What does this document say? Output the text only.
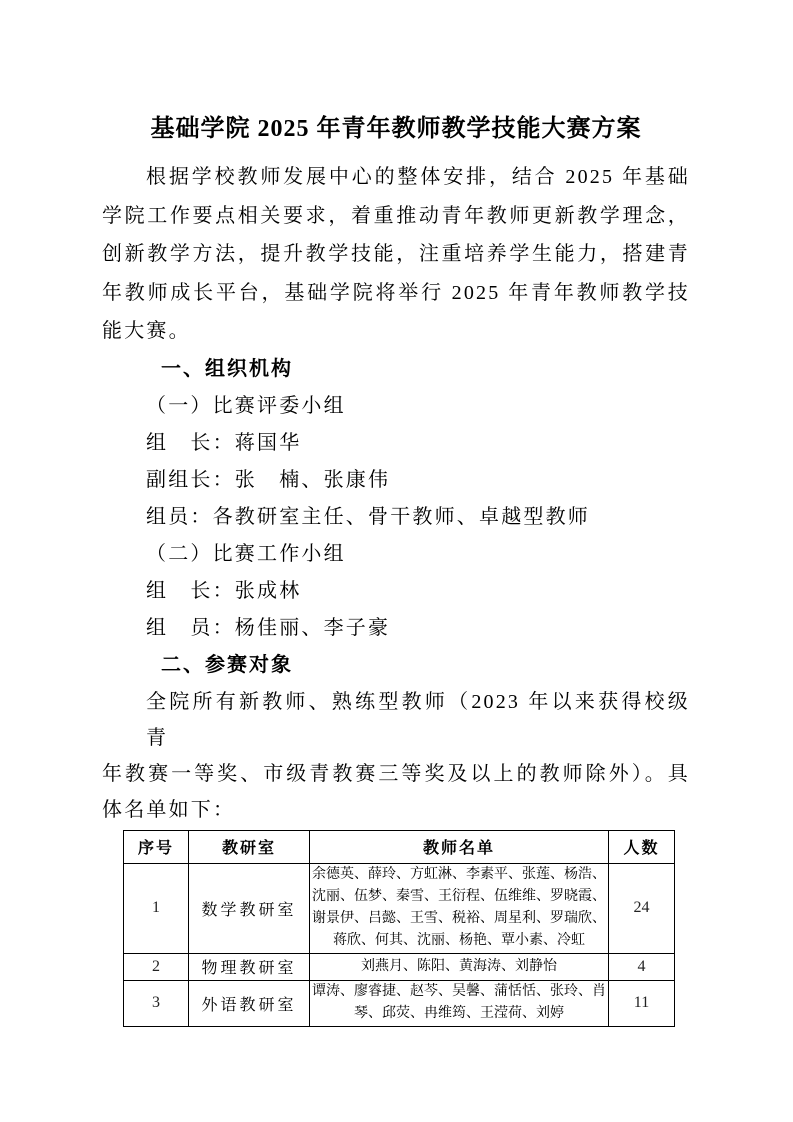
基础学院 2025 年青年教师教学技能大赛方案
根据学校教师发展中心的整体安排，结合 2025 年基础
学院工作要点相关要求，着重推动青年教师更新教学理念，
创新教学方法，提升教学技能，注重培养学生能力，搭建青
年教师成长平台，基础学院将举行 2025 年青年教师教学技
能大赛。
一、组织机构
（一）比赛评委小组
组　长：蒋国华
副组长：张　楠、张康伟
组员：各教研室主任、骨干教师、卓越型教师
（二）比赛工作小组
组　长：张成林
组　员：杨佳丽、李子豪
二、参赛对象
全院所有新教师、熟练型教师（2023 年以来获得校级青
年教赛一等奖、市级青教赛三等奖及以上的教师除外）。具
体名单如下：
序号	教研室	教师名单	人数
1	数学教研室	余德英、薛玲、方虹淋、李素平、张莲、杨浩、沈丽、伍梦、秦雪、王衍程、伍维维、罗晓霞、谢景伊、吕懿、王雪、税裕、周星利、罗瑞欣、蒋欣、何其、沈丽、杨艳、覃小素、冷虹	24
2	物理教研室	刘燕月、陈阳、黄海涛、刘静怡	4
3	外语教研室	谭涛、廖睿捷、赵芩、吴馨、蒲恬恬、张玲、肖琴、邱荧、冉维筠、王滢荷、刘婷	11
